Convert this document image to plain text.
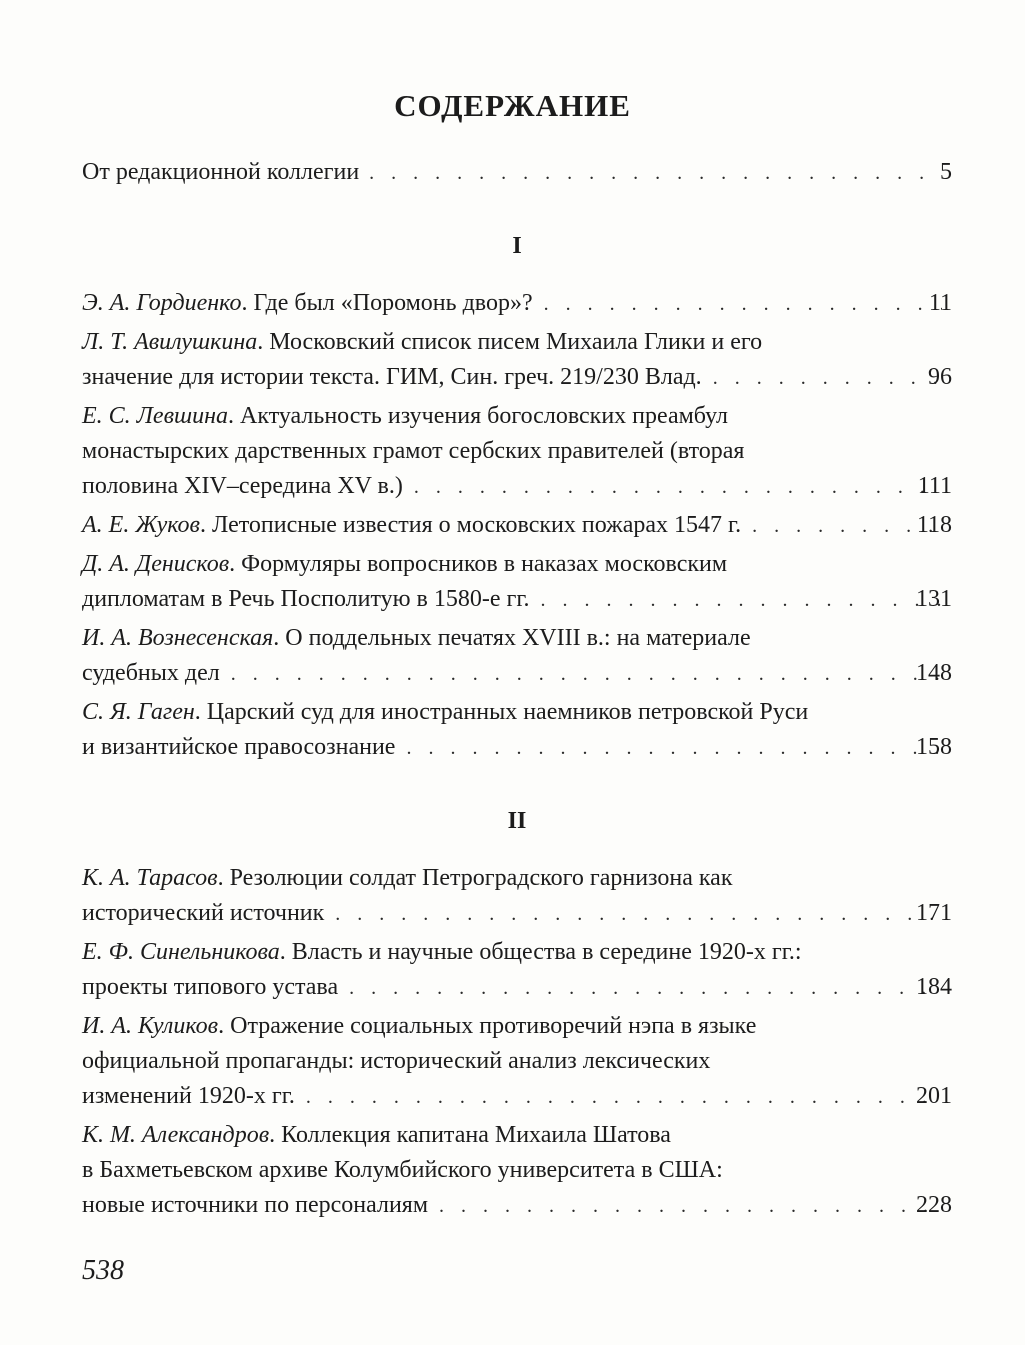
СОДЕРЖАНИЕ
От редакционной коллегии . . .	5
I
Э. А. Гордиенко. Где был «Поромонь двор»? . . .	11
Л. Т. Авилушкина. Московский список писем Михаила Глики и его
значение для истории текста. ГИМ, Син. греч. 219/230 Влад. . . .	96
Е. С. Левшина. Актуальность изучения богословских преамбул
монастырских дарственных грамот сербских правителей (вторая
половина XIV–середина XV в.) . . .	111
А. Е. Жуков. Летописные известия о московских пожарах 1547 г. . . .	118
Д. А. Денисков. Формуляры вопросников в наказах московским
дипломатам в Речь Посполитую в 1580-е гг. . . .	131
И. А. Вознесенская. О поддельных печатях XVIII в.: на материале
судебных дел . . .	148
С. Я. Гаген. Царский суд для иностранных наемников петровской Руси
и византийское правосознание . . .	158
II
К. А. Тарасов. Резолюции солдат Петроградского гарнизона как
исторический источник . . .	171
Е. Ф. Синельникова. Власть и научные общества в середине 1920-х гг.:
проекты типового устава . . .	184
И. А. Куликов. Отражение социальных противоречий нэпа в языке
официальной пропаганды: исторический анализ лексических
изменений 1920-х гг. . . .	201
К. М. Александров. Коллекция капитана Михаила Шатова
в Бахметьевском архиве Колумбийского университета в США:
новые источники по персоналиям . . .	228
538
